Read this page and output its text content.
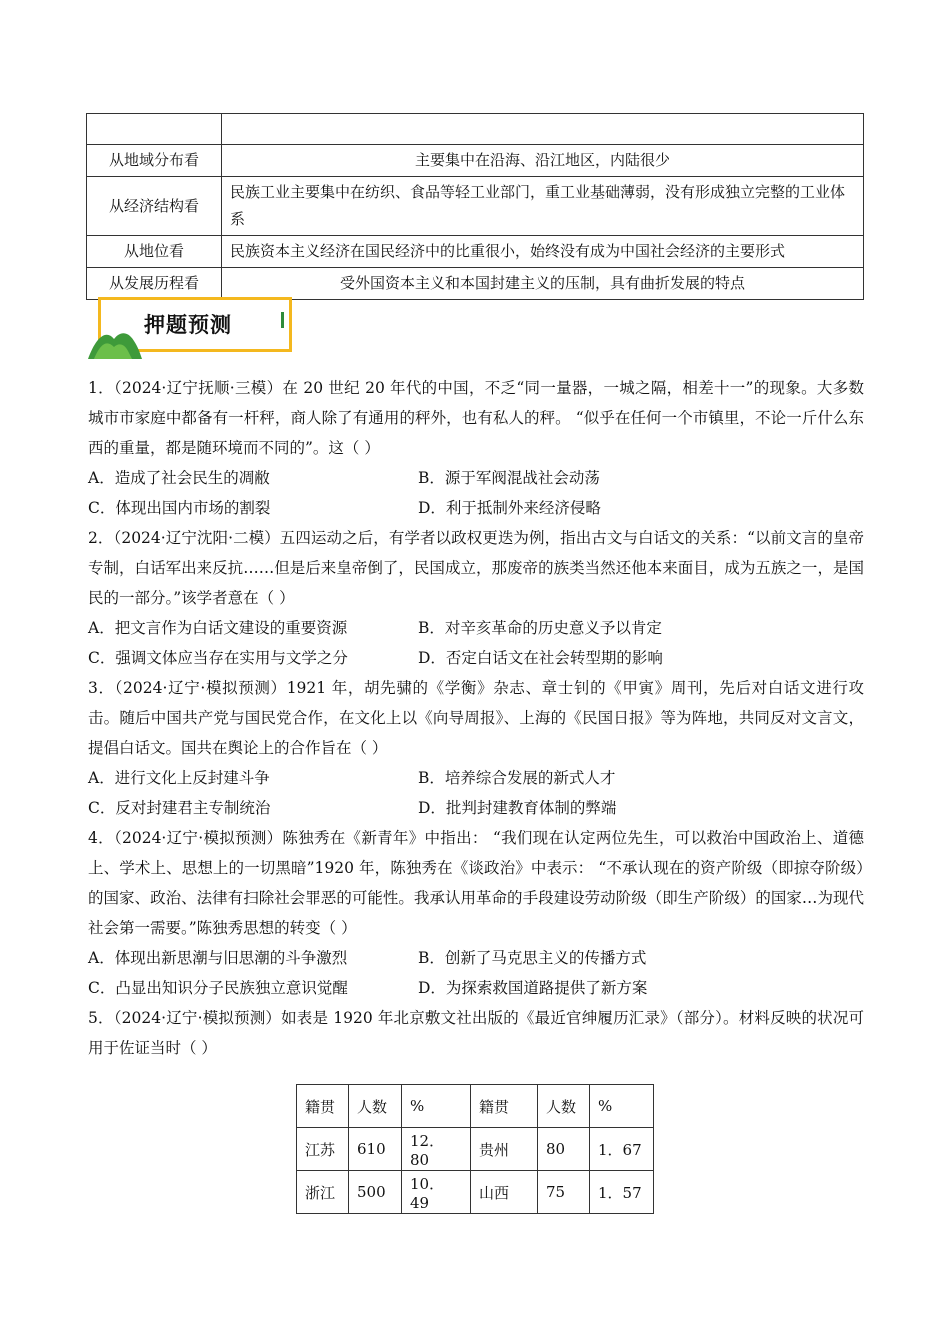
从地域分布看	主要集中在沿海、沿江地区，内陆很少
从经济结构看	民族工业主要集中在纺织、食品等轻工业部门，重工业基础薄弱，没有形成独立完整的工业体系
从地位看	民族资本主义经济在国民经济中的比重很小，始终没有成为中国社会经济的主要形式
从发展历程看	受外国资本主义和本国封建主义的压制，具有曲折发展的特点
押题预测
1．（2024·辽宁抚顺·三模）在 20 世纪 20 年代的中国，不乏“同一量器，一城之隔，相差十一”的现象。大多数城市市家庭中都备有一杆秤，商人除了有通用的秤外，也有私人的秤。 “似乎在任何一个市镇里，不论一斤什么东西的重量，都是随环境而不同的”。这（ ）
A．造成了社会民生的凋敝	B．源于军阀混战社会动荡
C．体现出国内市场的割裂	D．利于抵制外来经济侵略
2．（2024·辽宁沈阳·二模）五四运动之后，有学者以政权更迭为例，指出古文与白话文的关系：“以前文言的皇帝专制，白话军出来反抗……但是后来皇帝倒了，民国成立，那废帝的族类当然还他本来面目，成为五族之一，是国民的一部分。”该学者意在（ ）
A．把文言作为白话文建设的重要资源	B．对辛亥革命的历史意义予以肯定
C．强调文体应当存在实用与文学之分	D．否定白话文在社会转型期的影响
3．（2024·辽宁·模拟预测）1921 年，胡先骕的《学衡》杂志、章士钊的《甲寅》周刊，先后对白话文进行攻击。随后中国共产党与国民党合作，在文化上以《向导周报》、上海的《民国日报》等为阵地，共同反对文言文，提倡白话文。国共在舆论上的合作旨在（ ）
A．进行文化上反封建斗争	B．培养综合发展的新式人才
C．反对封建君主专制统治	D．批判封建教育体制的弊端
4．（2024·辽宁·模拟预测）陈独秀在《新青年》中指出： “我们现在认定两位先生，可以救治中国政治上、道德上、学术上、思想上的一切黑暗”1920 年，陈独秀在《谈政治》中表示： “不承认现在的资产阶级（即掠夺阶级）的国家、政治、法律有扫除社会罪恶的可能性。我承认用革命的手段建设劳动阶级（即生产阶级）的国家…为现代社会第一需要。”陈独秀思想的转变（ ）
A．体现出新思潮与旧思潮的斗争激烈	B．创新了马克思主义的传播方式
C．凸显出知识分子民族独立意识觉醒	D．为探索救国道路提供了新方案
5．（2024·辽宁·模拟预测）如表是 1920 年北京敷文社出版的《最近官绅履历汇录》（部分）。材料反映的状况可用于佐证当时（ ）
籍贯	人数	%	籍贯	人数	%
江苏	610	12．80	贵州	80	1．67
浙江	500	10．49	山西	75	1．57
